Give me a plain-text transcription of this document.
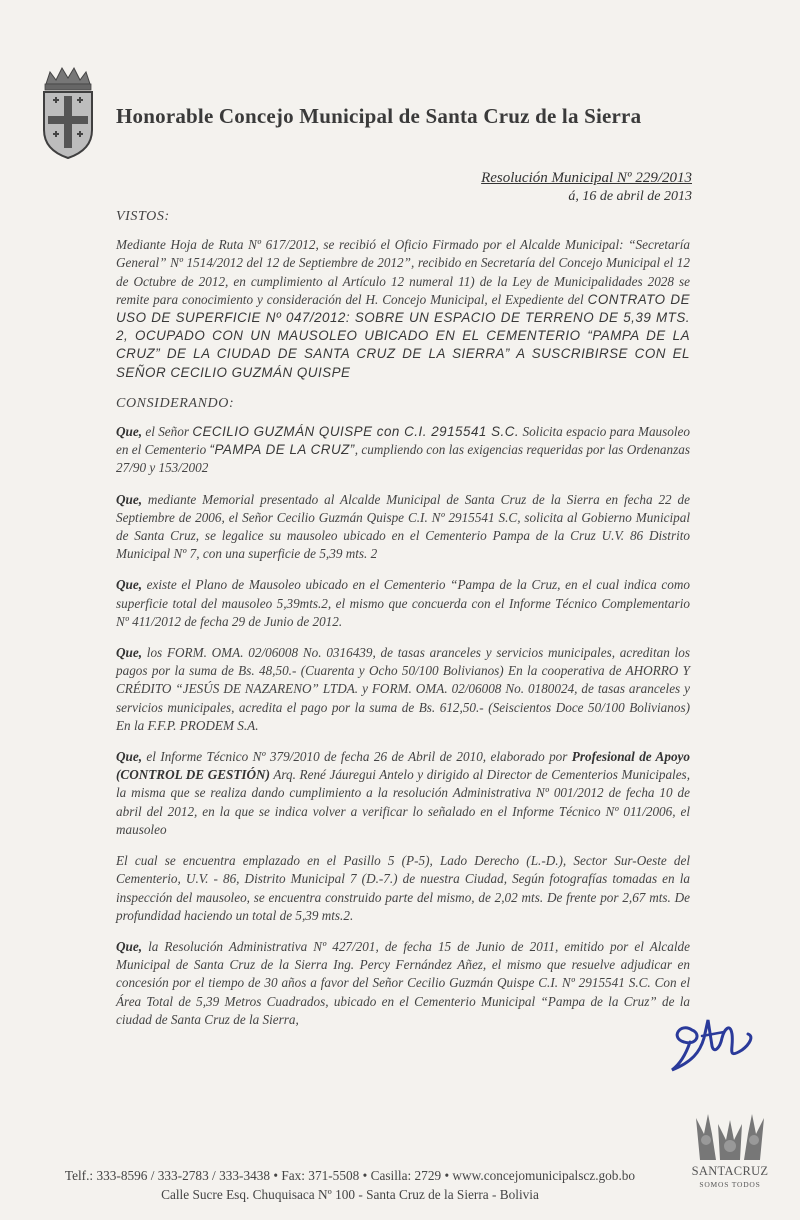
Honorable Concejo Municipal de Santa Cruz de la Sierra
Resolución Municipal Nº 229/2013
á, 16 de abril de 2013
VISTOS:

Mediante Hoja de Ruta Nº 617/2012, se recibió el Oficio Firmado por el Alcalde Municipal: “Secretaría General” Nº 1514/2012 del 12 de Septiembre de 2012”, recibido en Secretaría del Concejo Municipal el 12 de Octubre de 2012, en cumplimiento al Artículo 12 numeral 11) de la Ley de Municipalidades 2028 se remite para conocimiento y consideración del H. Concejo Municipal, el Expediente del CONTRATO DE USO DE SUPERFICIE Nº 047/2012: SOBRE UN ESPACIO DE TERRENO DE 5,39 MTS. 2, OCUPADO CON UN MAUSOLEO UBICADO EN EL CEMENTERIO “PAMPA DE LA CRUZ” DE LA CIUDAD DE SANTA CRUZ DE LA SIERRA” A SUSCRIBIRSE CON EL SEÑOR CECILIO GUZMÁN QUISPE

CONSIDERANDO:

Que, el Señor CECILIO GUZMÁN QUISPE con C.I. 2915541 S.C. Solicita espacio para Mausoleo en el Cementerio “PAMPA DE LA CRUZ”, cumpliendo con las exigencias requeridas por las Ordenanzas 27/90 y 153/2002

Que, mediante Memorial presentado al Alcalde Municipal de Santa Cruz de la Sierra en fecha 22 de Septiembre de 2006, el Señor Cecilio Guzmán Quispe C.I. Nº 2915541 S.C, solicita al Gobierno Municipal de Santa Cruz, se legalice su mausoleo ubicado en el Cementerio Pampa de la Cruz U.V. 86 Distrito Municipal Nº 7, con una superficie de 5,39 mts. 2

Que, existe el Plano de Mausoleo ubicado en el Cementerio “Pampa de la Cruz, en el cual indica como superficie total del mausoleo 5,39mts.2, el mismo que concuerda con el Informe Técnico Complementario Nº 411/2012 de fecha 29 de Junio de 2012.

Que, los FORM. OMA. 02/06008 No. 0316439, de tasas aranceles y servicios municipales, acreditan los pagos por la suma de Bs. 48,50.- (Cuarenta y Ocho 50/100 Bolivianos) En la cooperativa de AHORRO Y CRÉDITO “JESÚS DE NAZARENO” LTDA. y FORM. OMA. 02/06008 No. 0180024, de tasas aranceles y servicios municipales, acredita el pago por la suma de Bs. 612,50.- (Seiscientos Doce 50/100 Bolivianos) En la F.F.P. PRODEM S.A.

Que, el Informe Técnico Nº 379/2010 de fecha 26 de Abril de 2010, elaborado por Profesional de Apoyo (CONTROL DE GESTIÓN) Arq. René Jáuregui Antelo y dirigido al Director de Cementerios Municipales, la misma que se realiza dando cumplimiento a la resolución Administrativa Nº 001/2012 de fecha 10 de abril del 2012, en la que se indica volver a verificar lo señalado en el Informe Técnico Nº 011/2006, el mausoleo

El cual se encuentra emplazado en el Pasillo 5 (P-5), Lado Derecho (L.-D.), Sector Sur-Oeste del Cementerio, U.V. - 86, Distrito Municipal 7 (D.-7.) de nuestra Ciudad, Según fotografías tomadas en la inspección del mausoleo, se encuentra construido parte del mismo, de 2,02 mts. De frente por 2,67 mts. De profundidad haciendo un total de 5,39 mts.2.

Que, la Resolución Administrativa Nº 427/201, de fecha 15 de Junio de 2011, emitido por el Alcalde Municipal de Santa Cruz de la Sierra Ing. Percy Fernández Añez, el mismo que resuelve adjudicar en concesión por el tiempo de 30 años a favor del Señor Cecilio Guzmán Quispe C.I. Nº 2915541 S.C. Con el Área Total de 5,39 Metros Cuadrados, ubicado en el Cementerio Municipal “Pampa de la Cruz” de la ciudad de Santa Cruz de la Sierra,

SANTACRUZ
SOMOS TODOS
Telf.: 333-8596 / 333-2783 / 333-3438 • Fax: 371-5508 • Casilla: 2729 • www.concejomunicipalscz.gob.bo
Calle Sucre Esq. Chuquisaca Nº 100 - Santa Cruz de la Sierra - Bolivia
